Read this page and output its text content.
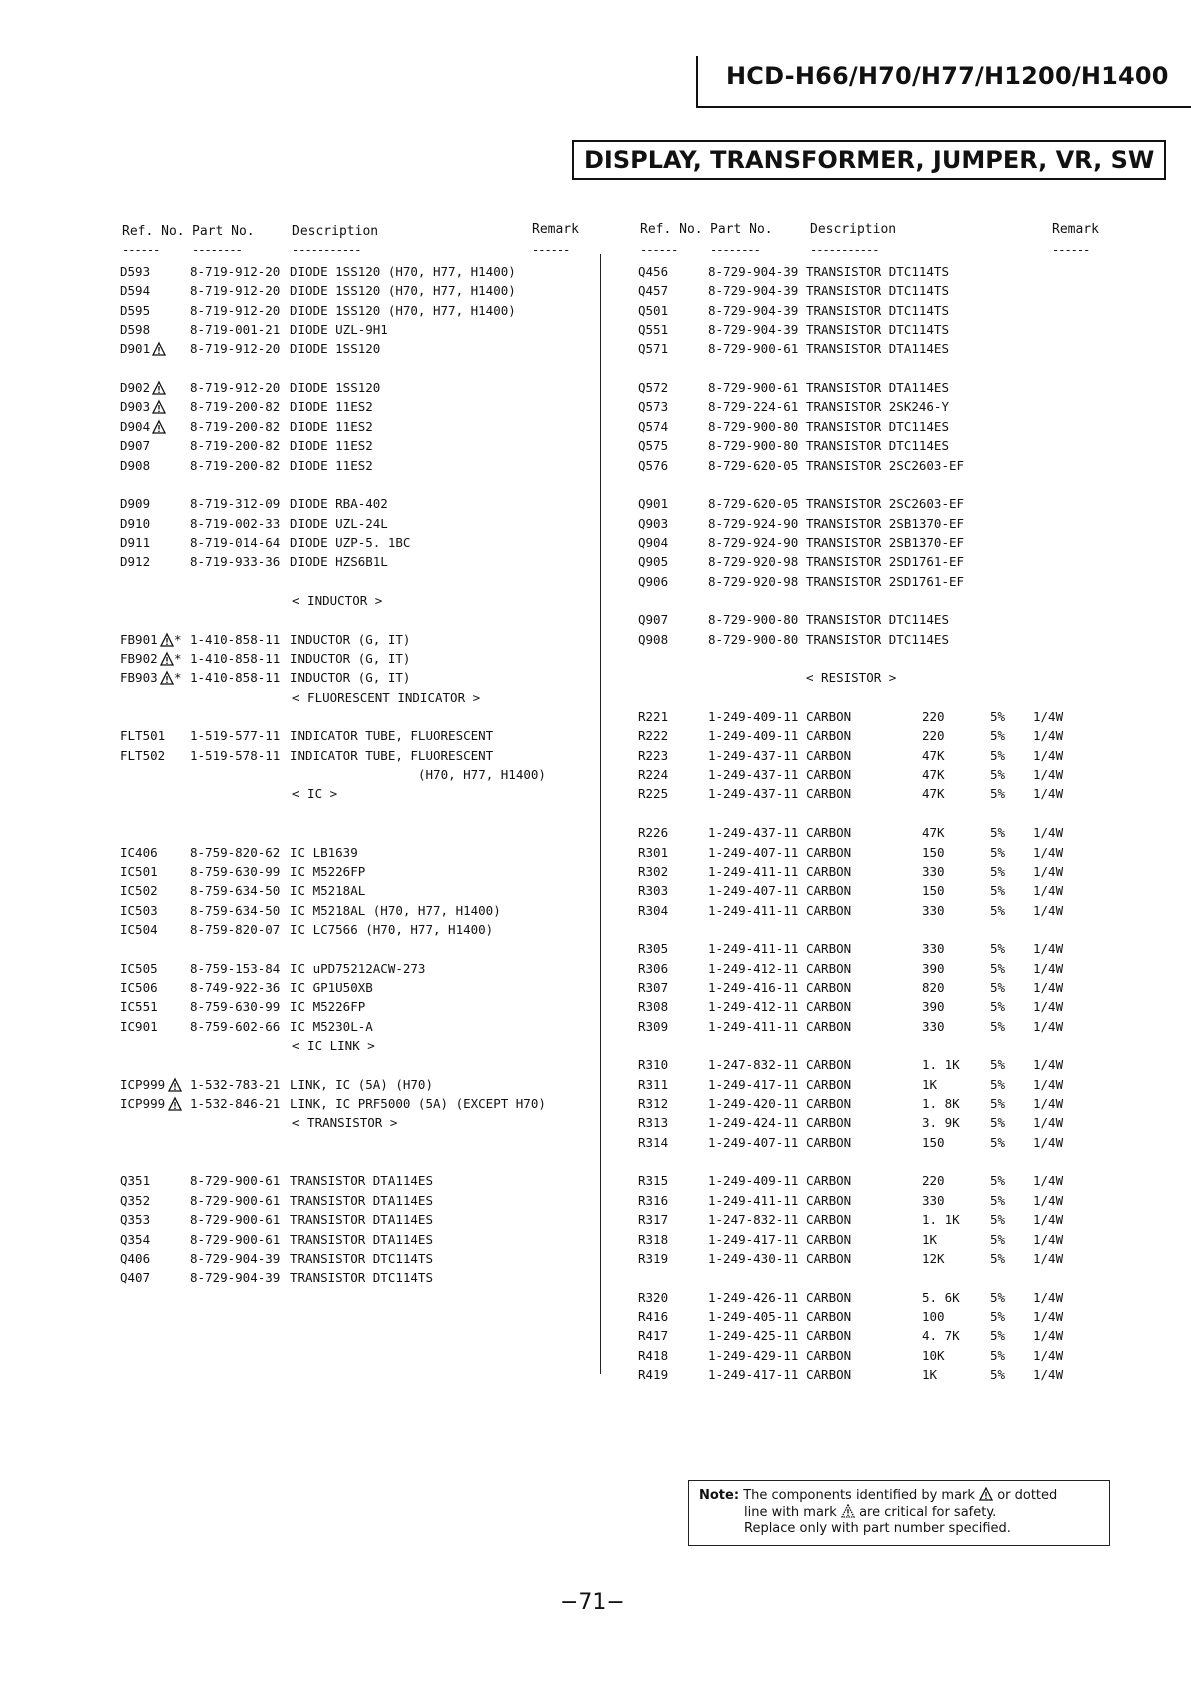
HCD-H66/H70/H77/H1200/H1400
DISPLAY, TRANSFORMER, JUMPER, VR, SW
Ref. No. Part No.	Description	Remark
------	--------	-----------	------
Ref. No. Part No.	Description	Remark
------	--------	-----------	------
D593	8-719-912-20 DIODE 1SS120 (H70, H77, H1400)
D594	8-719-912-20 DIODE 1SS120 (H70, H77, H1400)
D595	8-719-912-20 DIODE 1SS120 (H70, H77, H1400)
D598	8-719-001-21 DIODE UZL-9H1
D901	8-719-912-20 DIODE 1SS120
D902	8-719-912-20 DIODE 1SS120
D903	8-719-200-82 DIODE 11ES2
D904	8-719-200-82 DIODE 11ES2
D907	8-719-200-82 DIODE 11ES2
D908	8-719-200-82 DIODE 11ES2
D909	8-719-312-09 DIODE RBA-402
D910	8-719-002-33 DIODE UZL-24L
D911	8-719-014-64 DIODE UZP-5. 1BC
D912	8-719-933-36 DIODE HZS6B1L
< INDUCTOR >
FB901 * 1-410-858-11 INDUCTOR (G, IT)
FB902 * 1-410-858-11 INDUCTOR (G, IT)
FB903 * 1-410-858-11 INDUCTOR (G, IT)
< FLUORESCENT INDICATOR >
FLT501 1-519-577-11 INDICATOR TUBE, FLUORESCENT
FLT502 1-519-578-11 INDICATOR TUBE, FLUORESCENT
(H70, H77, H1400)
< IC >
IC406	8-759-820-62 IC LB1639
IC501	8-759-630-99 IC M5226FP
IC502	8-759-634-50 IC M5218AL
IC503	8-759-634-50 IC M5218AL (H70, H77, H1400)
IC504	8-759-820-07 IC LC7566 (H70, H77, H1400)
IC505	8-759-153-84 IC uPD75212ACW-273
IC506	8-749-922-36 IC GP1U50XB
IC551	8-759-630-99 IC M5226FP
IC901	8-759-602-66 IC M5230L-A
< IC LINK >
ICP999 1-532-783-21 LINK, IC (5A) (H70)
ICP999 1-532-846-21 LINK, IC PRF5000 (5A) (EXCEPT H70)
< TRANSISTOR >
Q351	8-729-900-61 TRANSISTOR DTA114ES
Q352	8-729-900-61 TRANSISTOR DTA114ES
Q353	8-729-900-61 TRANSISTOR DTA114ES
Q354	8-729-900-61 TRANSISTOR DTA114ES
Q406	8-729-904-39 TRANSISTOR DTC114TS
Q407	8-729-904-39 TRANSISTOR DTC114TS
Q456	8-729-904-39 TRANSISTOR DTC114TS
Q457	8-729-904-39 TRANSISTOR DTC114TS
Q501	8-729-904-39 TRANSISTOR DTC114TS
Q551	8-729-904-39 TRANSISTOR DTC114TS
Q571	8-729-900-61 TRANSISTOR DTA114ES
Q572	8-729-900-61 TRANSISTOR DTA114ES
Q573	8-729-224-61 TRANSISTOR 2SK246-Y
Q574	8-729-900-80 TRANSISTOR DTC114ES
Q575	8-729-900-80 TRANSISTOR DTC114ES
Q576	8-729-620-05 TRANSISTOR 2SC2603-EF
Q901	8-729-620-05 TRANSISTOR 2SC2603-EF
Q903	8-729-924-90 TRANSISTOR 2SB1370-EF
Q904	8-729-924-90 TRANSISTOR 2SB1370-EF
Q905	8-729-920-98 TRANSISTOR 2SD1761-EF
Q906	8-729-920-98 TRANSISTOR 2SD1761-EF
Q907	8-729-900-80 TRANSISTOR DTC114ES
Q908	8-729-900-80 TRANSISTOR DTC114ES
< RESISTOR >
R221	1-249-409-11 CARBON	220	5% 1/4W
R222	1-249-409-11 CARBON	220	5% 1/4W
R223	1-249-437-11 CARBON	47K	5% 1/4W
R224	1-249-437-11 CARBON	47K	5% 1/4W
R225	1-249-437-11 CARBON	47K	5% 1/4W
R226	1-249-437-11 CARBON	47K	5% 1/4W
R301	1-249-407-11 CARBON	150	5% 1/4W
R302	1-249-411-11 CARBON	330	5% 1/4W
R303	1-249-407-11 CARBON	150	5% 1/4W
R304	1-249-411-11 CARBON	330	5% 1/4W
R305	1-249-411-11 CARBON	330	5% 1/4W
R306	1-249-412-11 CARBON	390	5% 1/4W
R307	1-249-416-11 CARBON	820	5% 1/4W
R308	1-249-412-11 CARBON	390	5% 1/4W
R309	1-249-411-11 CARBON	330	5% 1/4W
R310	1-247-832-11 CARBON	1. 1K 5% 1/4W
R311	1-249-417-11 CARBON	1K	5% 1/4W
R312	1-249-420-11 CARBON	1. 8K 5% 1/4W
R313	1-249-424-11 CARBON	3. 9K 5% 1/4W
R314	1-249-407-11 CARBON	150	5% 1/4W
R315	1-249-409-11 CARBON	220	5% 1/4W
R316	1-249-411-11 CARBON	330	5% 1/4W
R317	1-247-832-11 CARBON	1. 1K 5% 1/4W
R318	1-249-417-11 CARBON	1K	5% 1/4W
R319	1-249-430-11 CARBON	12K	5% 1/4W
R320	1-249-426-11 CARBON	5. 6K 5% 1/4W
R416	1-249-405-11 CARBON	100	5% 1/4W
R417	1-249-425-11 CARBON	4. 7K 5% 1/4W
R418	1-249-429-11 CARBON	10K	5% 1/4W
R419	1-249-417-11 CARBON	1K	5% 1/4W
Note: The components identified by mark or dotted
line with mark are critical for safety.
Replace only with part number specified.
−71−
